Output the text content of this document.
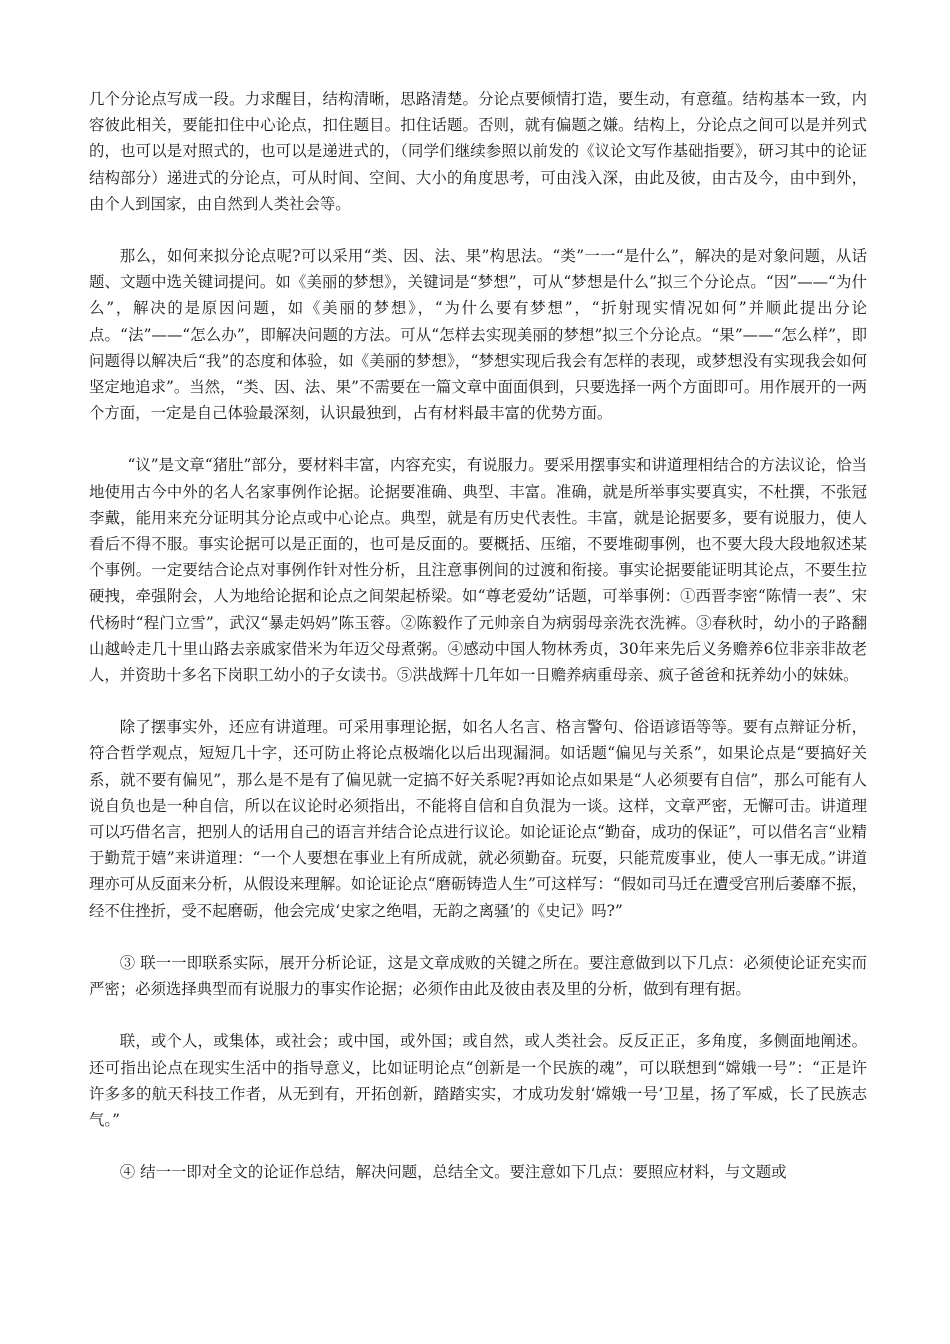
几个分论点写成一段。力求醒目，结构清晰，思路清楚。分论点要倾情打造，要生动，有意蕴。结构基本一致，内容彼此相关，要能扣住中心论点，扣住题目。扣住话题。否则，就有偏题之嫌。结构上，分论点之间可以是并列式的，也可以是对照式的，也可以是递进式的，（同学们继续参照以前发的《议论文写作基础指要》，研习其中的论证结构部分）递进式的分论点，可从时间、空间、大小的角度思考，可由浅入深，由此及彼，由古及今，由中到外，由个人到国家，由自然到人类社会等。

那么，如何来拟分论点呢?可以采用“类、因、法、果”构思法。“类”一一“是什么”，解决的是对象问题，从话题、文题中选关键词提问。如《美丽的梦想》，关键词是“梦想”，可从“梦想是什么”拟三个分论点。“因”——“为什么”，解决的是原因问题，如《美丽的梦想》，“为什么要有梦想”，“折射现实情况如何”并顺此提出分论点。“法”——“怎么办”，即解决问题的方法。可从“怎样去实现美丽的梦想”拟三个分论点。“果”——“怎么样”，即问题得以解决后“我”的态度和体验，如《美丽的梦想》，“梦想实现后我会有怎样的表现，或梦想没有实现我会如何坚定地追求”。当然，“类、因、法、果”不需要在一篇文章中面面俱到，只要选择一两个方面即可。用作展开的一两个方面，一定是自己体验最深刻，认识最独到，占有材料最丰富的优势方面。

“议”是文章“猪肚”部分，要材料丰富，内容充实，有说服力。要采用摆事实和讲道理相结合的方法议论，恰当地使用古今中外的名人名家事例作论据。论据要准确、典型、丰富。准确，就是所举事实要真实，不杜撰，不张冠李戴，能用来充分证明其分论点或中心论点。典型，就是有历史代表性。丰富，就是论据要多，要有说服力，使人看后不得不服。事实论据可以是正面的，也可是反面的。要概括、压缩，不要堆砌事例，也不要大段大段地叙述某个事例。一定要结合论点对事例作针对性分析，且注意事例间的过渡和衔接。事实论据要能证明其论点，不要生拉硬拽，牵强附会，人为地给论据和论点之间架起桥梁。如“尊老爱幼”话题，可举事例：①西晋李密“陈情一表”、宋代杨时“程门立雪”，武汉“暴走妈妈”陈玉蓉。②陈毅作了元帅亲自为病弱母亲洗衣洗裤。③春秋时，幼小的子路翻山越岭走几十里山路去亲戚家借米为年迈父母煮粥。④感动中国人物林秀贞，30年来先后义务赡养6位非亲非故老人，并资助十多名下岗职工幼小的子女读书。⑤洪战辉十几年如一日赡养病重母亲、疯子爸爸和抚养幼小的妹妹。

除了摆事实外，还应有讲道理。可采用事理论据，如名人名言、格言警句、俗语谚语等等。要有点辩证分析，符合哲学观点，短短几十字，还可防止将论点极端化以后出现漏洞。如话题“偏见与关系”，如果论点是“要搞好关系，就不要有偏见”，那么是不是有了偏见就一定搞不好关系呢?再如论点如果是“人必须要有自信”，那么可能有人说自负也是一种自信，所以在议论时必须指出，不能将自信和自负混为一谈。这样，文章严密，无懈可击。讲道理可以巧借名言，把别人的话用自己的语言并结合论点进行议论。如论证论点“勤奋，成功的保证”，可以借名言“业精于勤荒于嬉”来讲道理：“一个人要想在事业上有所成就，就必须勤奋。玩耍，只能荒废事业，使人一事无成。”讲道理亦可从反面来分析，从假设来理解。如论证论点“磨砺铸造人生”可这样写：“假如司马迁在遭受宫刑后萎靡不振，经不住挫折，受不起磨砺，他会完成‘史家之绝唱，无韵之离骚’的《史记》吗?”

③ 联一一即联系实际，展开分析论证，这是文章成败的关键之所在。要注意做到以下几点：必须使论证充实而严密；必须选择典型而有说服力的事实作论据；必须作由此及彼由表及里的分析，做到有理有据。

联，或个人，或集体，或社会；或中国，或外国；或自然，或人类社会。反反正正，多角度，多侧面地阐述。还可指出论点在现实生活中的指导意义，比如证明论点“创新是一个民族的魂”，可以联想到“嫦娥一号”：“正是许许多多的航天科技工作者，从无到有，开拓创新，踏踏实实，才成功发射‘嫦娥一号’卫星，扬了军威，长了民族志气。”

④ 结一一即对全文的论证作总结，解决问题，总结全文。要注意如下几点：要照应材料，与文题或
